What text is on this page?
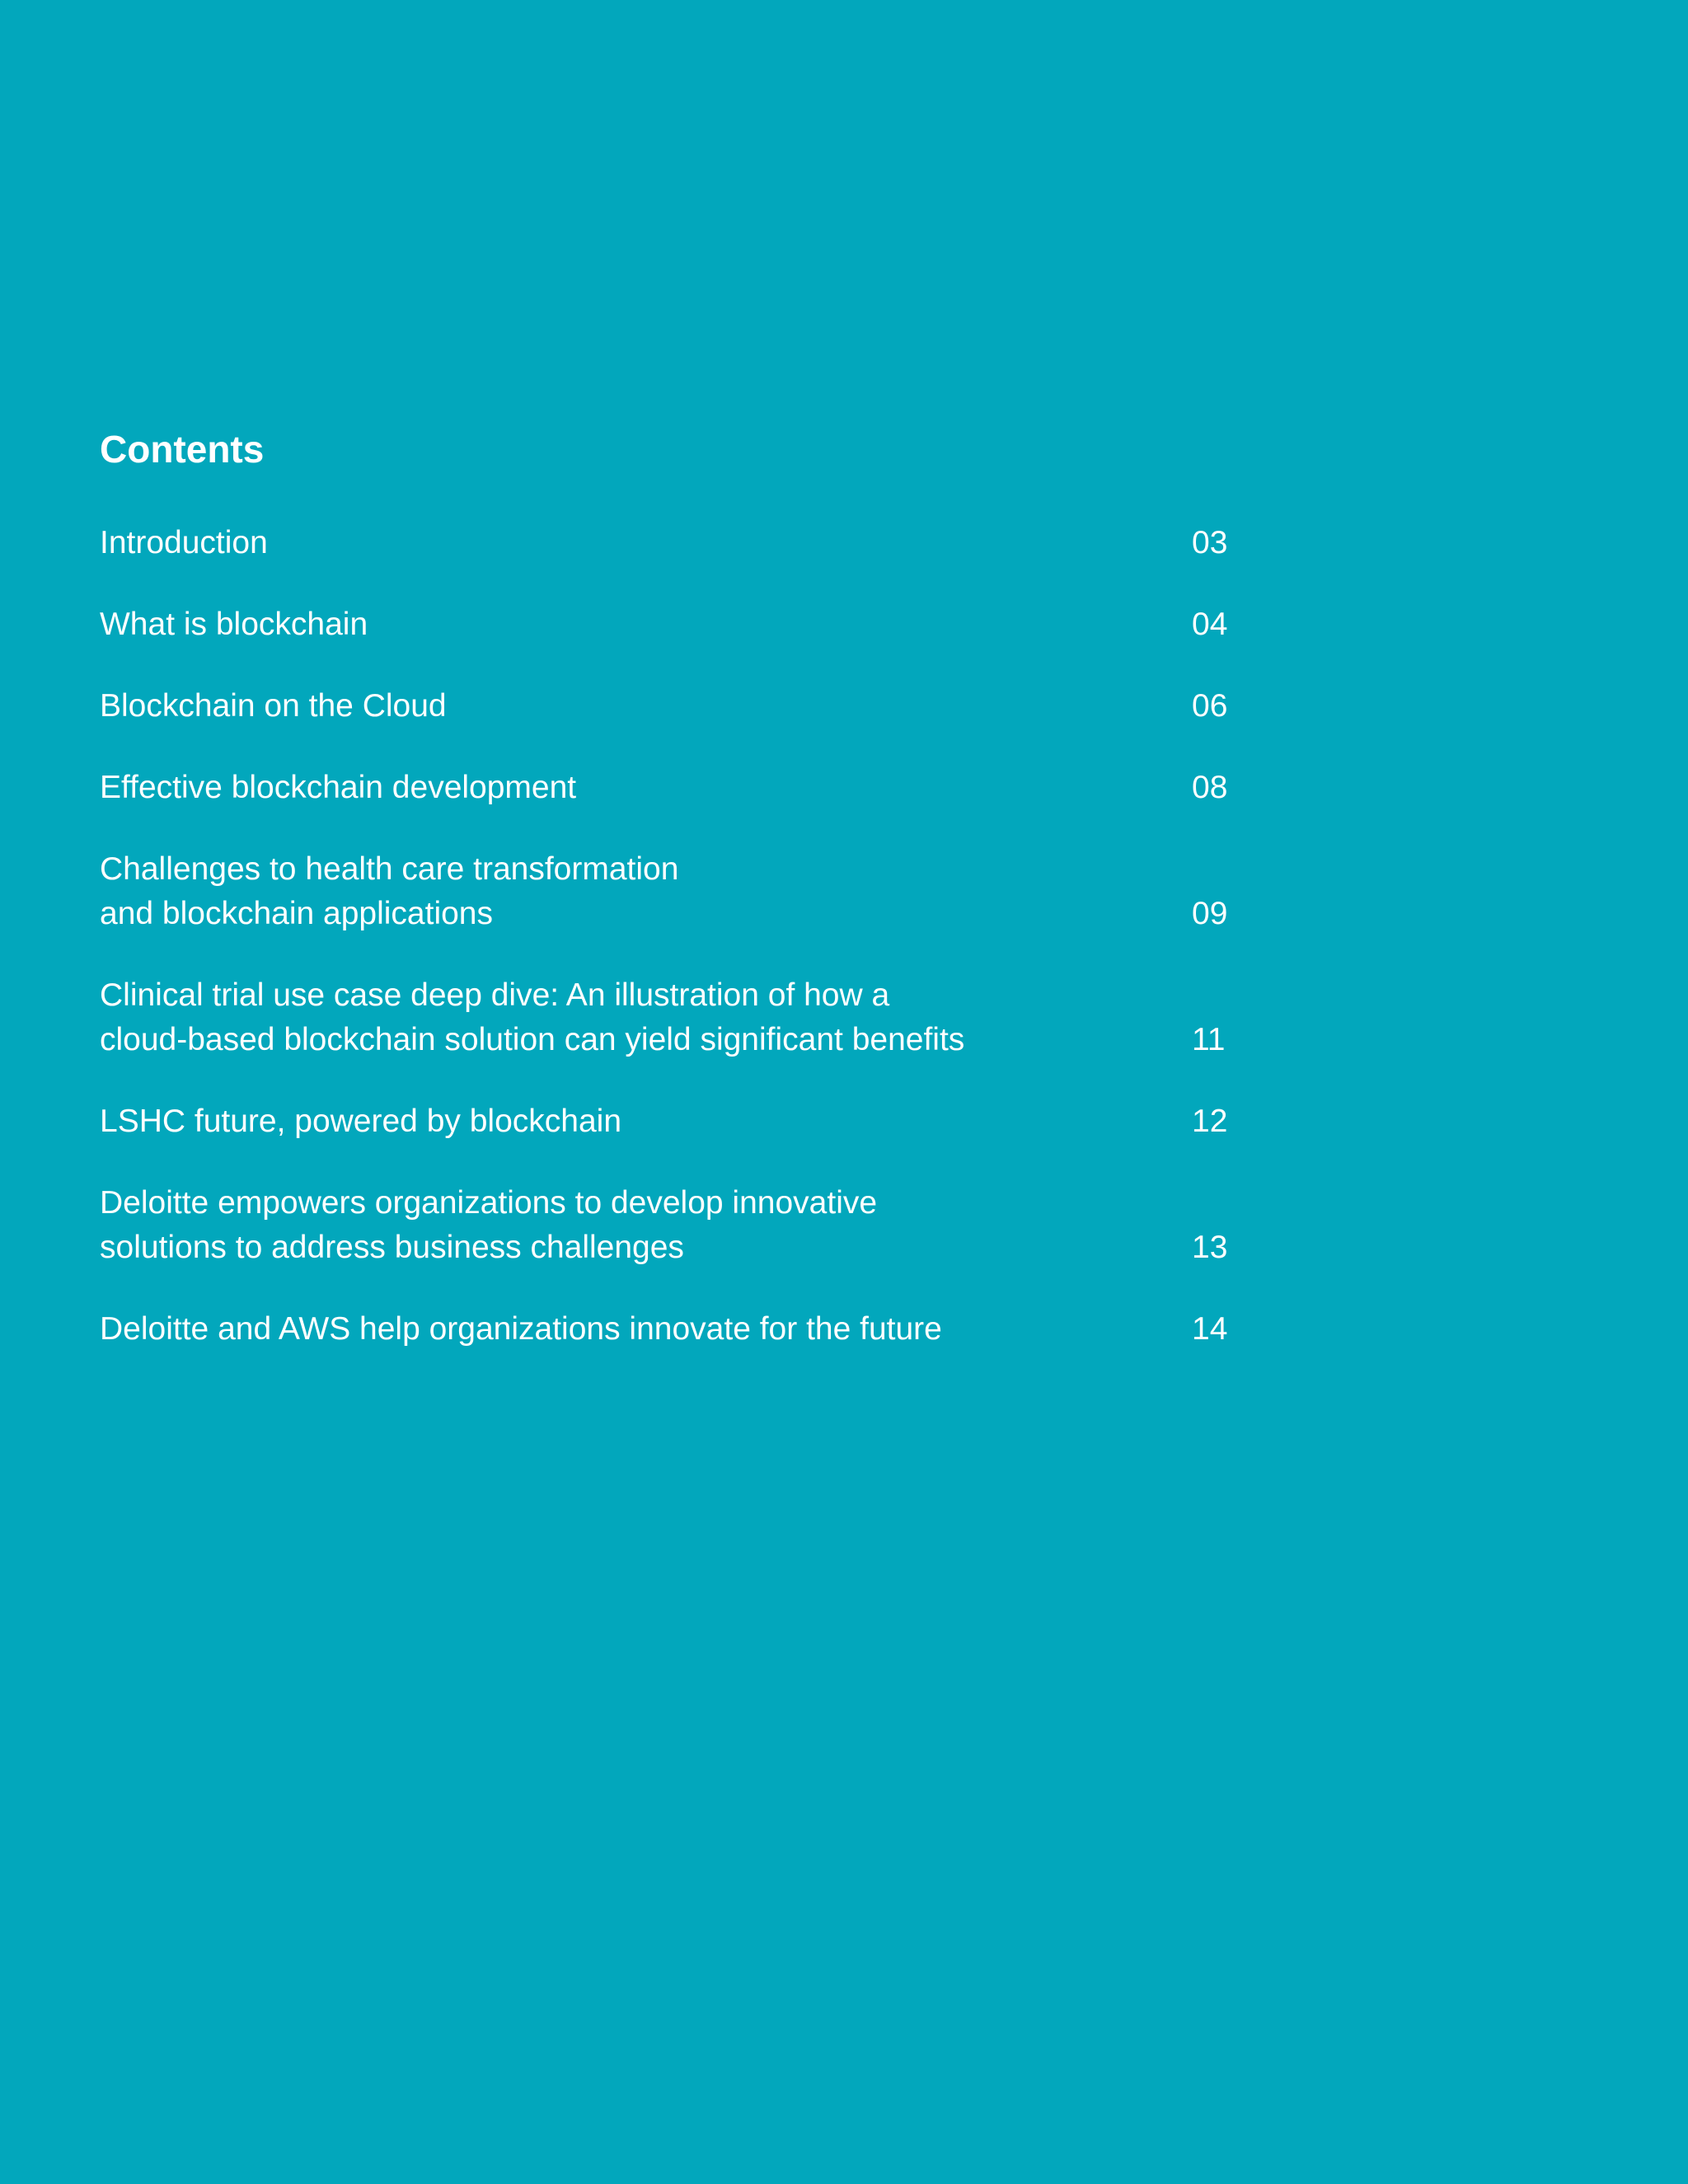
Contents
Introduction	03
What is blockchain	04
Blockchain on the Cloud	06
Effective blockchain development	08
Challenges to health care transformation
and blockchain applications	09
Clinical trial use case deep dive: An illustration of how a
cloud-based blockchain solution can yield significant benefits	11
LSHC future, powered by blockchain	12
Deloitte empowers organizations to develop innovative
solutions to address business challenges	13
Deloitte and AWS help organizations innovate for the future	14
